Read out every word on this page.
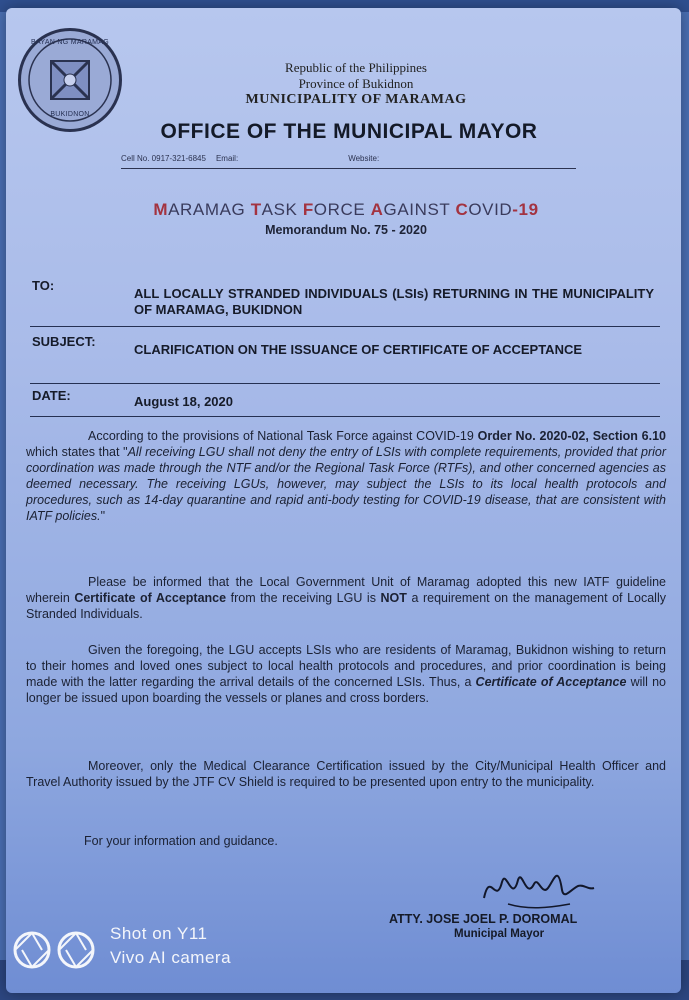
BAYAN NG MARAMAG
BUKIDNON
Republic of the Philippines
Province of Bukidnon
MUNICIPALITY OF MARAMAG
OFFICE OF THE MUNICIPAL MAYOR
Cell No. 0917-321-6845 Email:	Website:
MARAMAG TASK FORCE AGAINST COVID-19
Memorandum No. 75 - 2020
TO:
ALL LOCALLY STRANDED INDIVIDUALS (LSIs) RETURNING IN THE MUNICIPALITY OF MARAMAG, BUKIDNON
SUBJECT:
CLARIFICATION ON THE ISSUANCE OF CERTIFICATE OF ACCEPTANCE
DATE:	August 18, 2020

According to the provisions of National Task Force against COVID-19 Order No. 2020-02, Section 6.10 which states that "All receiving LGU shall not deny the entry of LSIs with complete requirements, provided that prior coordination was made through the NTF and/or the Regional Task Force (RTFs), and other concerned agencies as deemed necessary. The receiving LGUs, however, may subject the LSIs to its local health protocols and procedures, such as 14-day quarantine and rapid anti-body testing for COVID-19 disease, that are consistent with IATF policies."

Please be informed that the Local Government Unit of Maramag adopted this new IATF guideline wherein Certificate of Acceptance from the receiving LGU is NOT a requirement on the management of Locally Stranded Individuals.

Given the foregoing, the LGU accepts LSIs who are residents of Maramag, Bukidnon wishing to return to their homes and loved ones subject to local health protocols and procedures, and prior coordination is being made with the latter regarding the arrival details of the concerned LSIs. Thus, a Certificate of Acceptance will no longer be issued upon boarding the vessels or planes and cross borders.

Moreover, only the Medical Clearance Certification issued by the City/Municipal Health Officer and Travel Authority issued by the JTF CV Shield is required to be presented upon entry to the municipality.

For your information and guidance.
ATTY. JOSE JOEL P. DOROMAL
Municipal Mayor
Shot on Y11
Vivo AI camera
